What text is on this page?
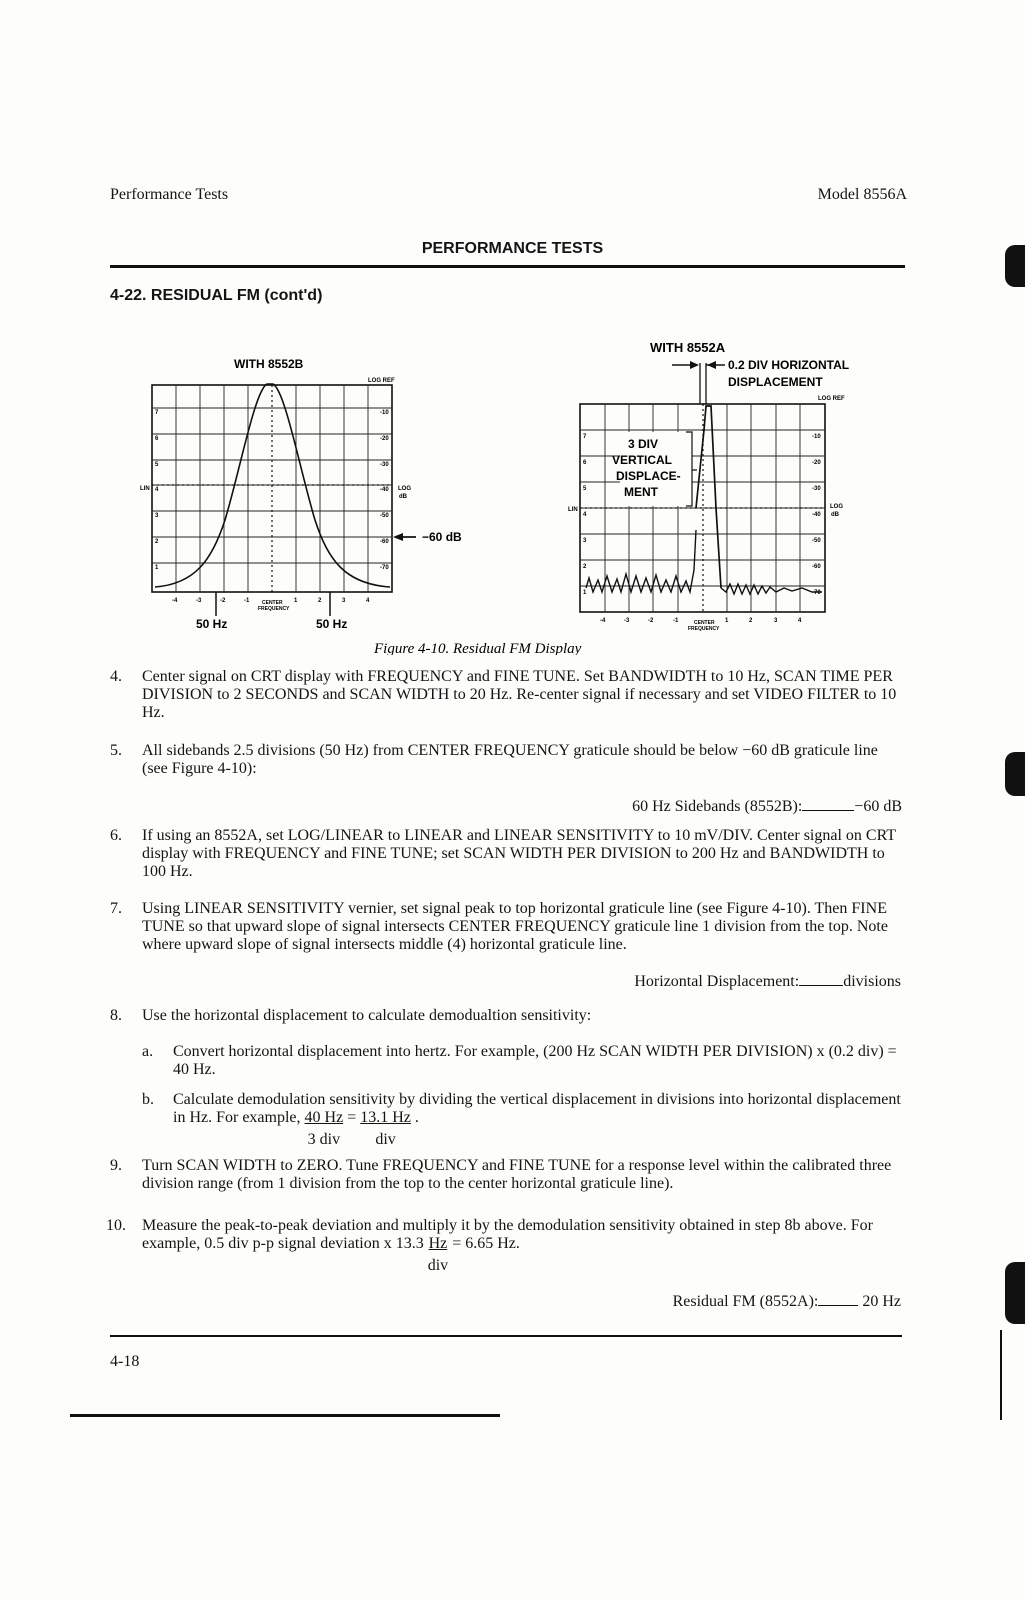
Performance Tests	Model 8556A
PERFORMANCE TESTS
4-22. RESIDUAL FM (cont'd)
WITH 8552B
LOG REF
7
6
5
4
3
2
1
-10
-20
-30
-40
-50
-60
-70
-4	-3	-2	-1	1	2	3	4
LIN	LOG
dB
CENTER
FREQUENCY
−60 dB
50 Hz	50 Hz
WITH 8552A
0.2 DIV HORIZONTAL
DISPLACEMENT
LOG REF
3 DIV
VERTICAL
DISPLACE-
MENT
7
6
5
4
3
2
1
-10
-20
-30
-40
-50
-60
-70
-4	-3	-2	-1	1	2	3	4
LIN	LOG
dB
CENTER
FREQUENCY
Figure 4-10. Residual FM Display
4. Center signal on CRT display with FREQUENCY and FINE TUNE. Set BANDWIDTH to 10 Hz, SCAN TIME PER DIVISION to 2 SECONDS and SCAN WIDTH to 20 Hz. Re-center signal if necessary and set VIDEO FILTER to 10 Hz.
5. All sidebands 2.5 divisions (50 Hz) from CENTER FREQUENCY graticule should be below −60 dB graticule line (see Figure 4-10):
60 Hz Sidebands (8552B):	−60 dB
6. If using an 8552A, set LOG/LINEAR to LINEAR and LINEAR SENSITIVITY to 10 mV/DIV. Center signal on CRT display with FREQUENCY and FINE TUNE; set SCAN WIDTH PER DIVISION to 200 Hz and BANDWIDTH to 100 Hz.
7. Using LINEAR SENSITIVITY vernier, set signal peak to top horizontal graticule line (see Figure 4-10). Then FINE TUNE so that upward slope of signal intersects CENTER FREQUENCY graticule line 1 division from the top. Note where upward slope of signal intersects middle (4) horizontal graticule line.
Horizontal Displacement:	divisions
8. Use the horizontal displacement to calculate demodualtion sensitivity:
a. Convert horizontal displacement into hertz. For example, (200 Hz SCAN WIDTH PER DIVISION) x (0.2 div) = 40 Hz.
b. Calculate demodulation sensitivity by dividing the vertical displacement in divisions into horizontal displacement in Hz. For example, $\frac{40 Hz}{\text{3 div}} = \frac{13.1 Hz}{\text{div}}$ .
9. Turn SCAN WIDTH to ZERO. Tune FREQUENCY and FINE TUNE for a response level within the calibrated three division range (from 1 division from the top to the center horizontal graticule line).
10. Measure the peak-to-peak deviation and multiply it by the demodulation sensitivity obtained in step 8b above. For example, 0.5 div p-p signal deviation x $13.3 \frac{Hz}{\text{div}} = 6.65$ Hz.
Residual FM (8552A):	20 Hz
4-18
